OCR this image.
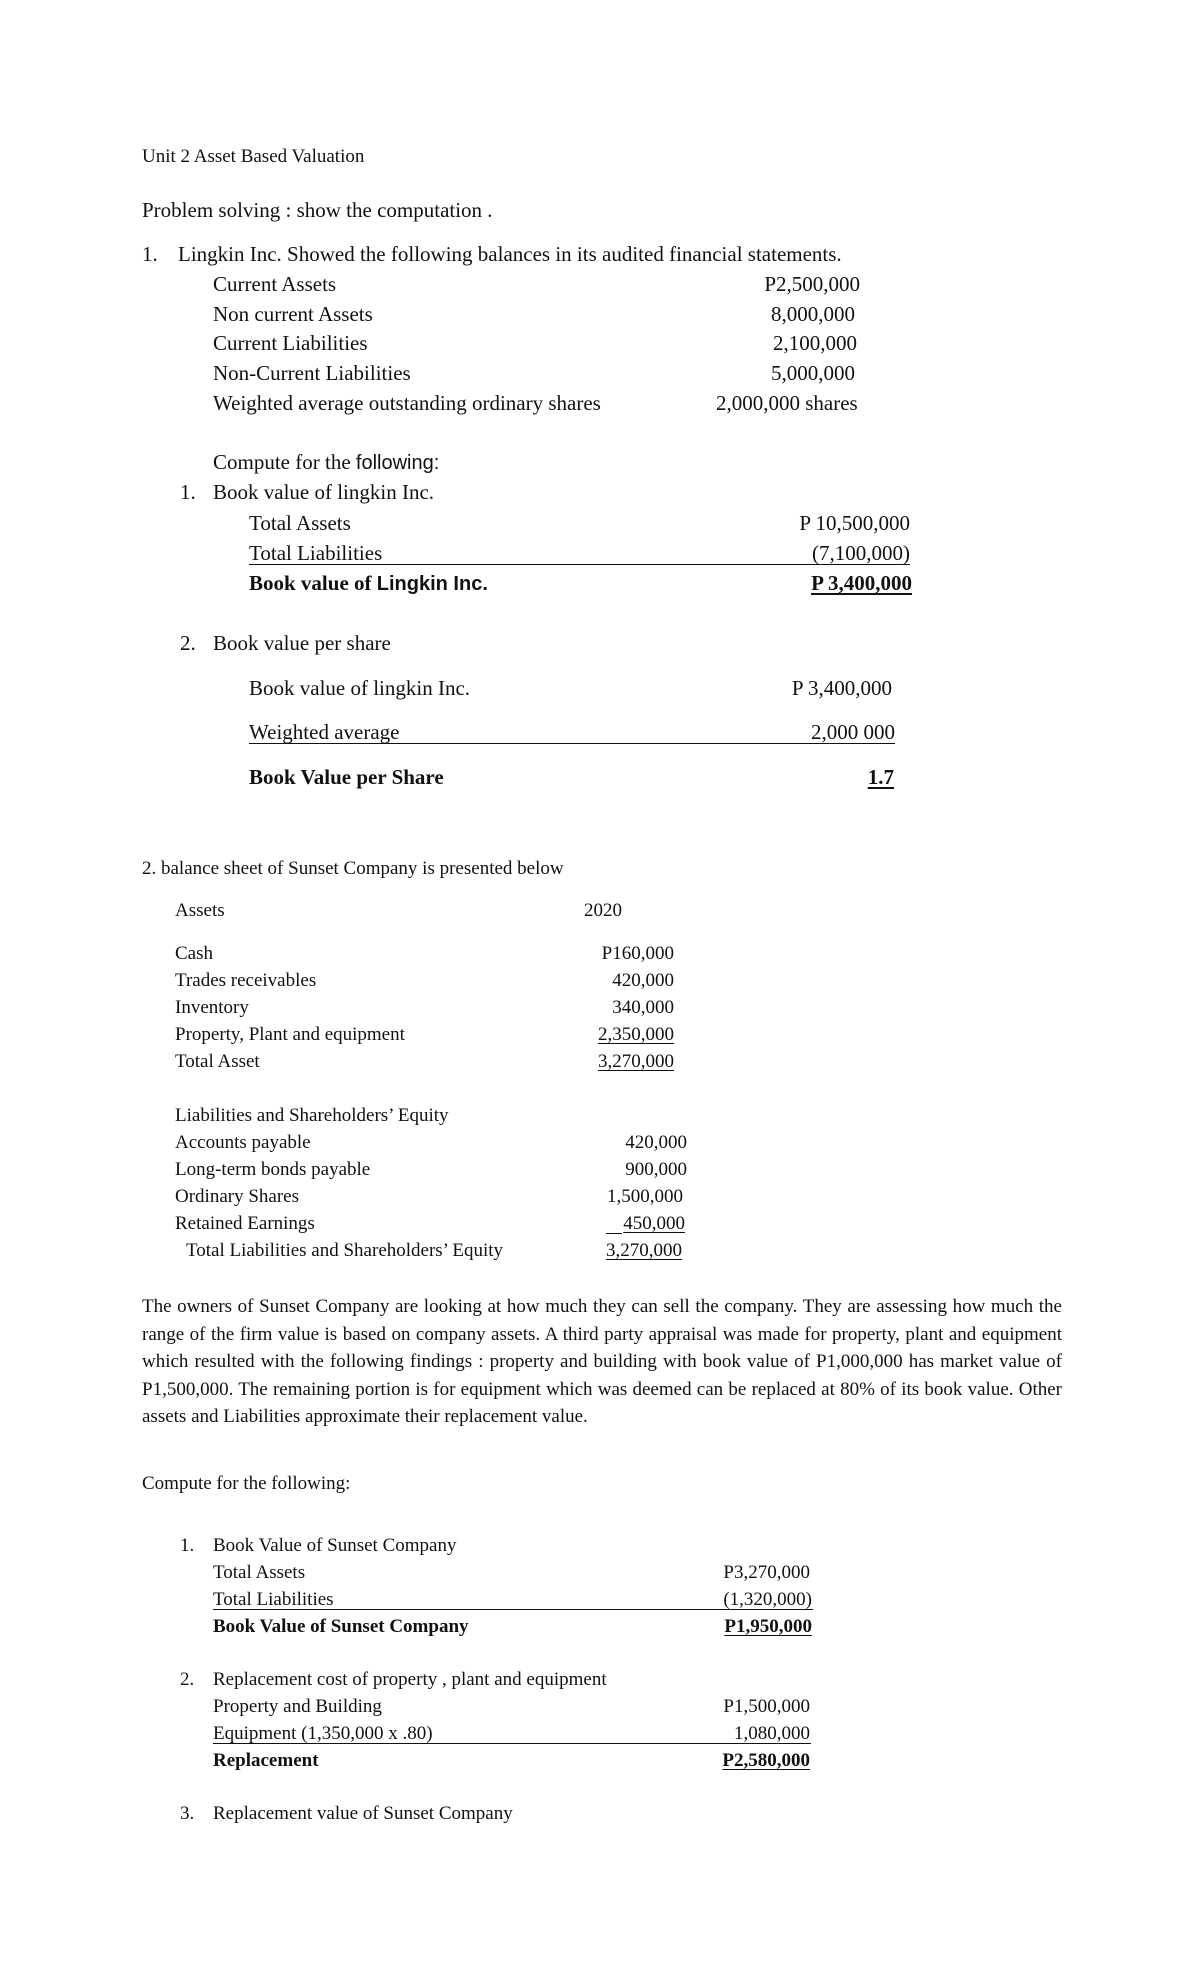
Unit 2 Asset Based Valuation
Problem solving : show the computation .
1. Lingkin Inc. Showed the following balances in its audited financial statements.
Current Assets	P2,500,000
Non current Assets	8,000,000
Current Liabilities	2,100,000
Non-Current Liabilities	5,000,000
Weighted average outstanding ordinary shares	2,000,000 shares
Compute for the following:
1. Book value of lingkin Inc.
Total Assets	P 10,500,000
Total Liabilities	(7,100,000)
Book value of Lingkin Inc.	P 3,400,000
2. Book value per share
Book value of lingkin Inc.	P 3,400,000
Weighted average	2,000 000
Book Value per Share	1.7
2. balance sheet of Sunset Company is presented below
Assets	2020
Cash	P160,000
Trades receivables	420,000
Inventory	340,000
Property, Plant and equipment	2,350,000
Total Asset	3,270,000
Liabilities and Shareholders’ Equity
Accounts payable	420,000
Long-term bonds payable	900,000
Ordinary Shares	1,500,000
Retained Earnings	450,000
Total Liabilities and Shareholders’ Equity	3,270,000
The owners of Sunset Company are looking at how much they can sell the company. They are assessing how much the range of the firm value is based on company assets. A third party appraisal was made for property, plant and equipment which resulted with the following findings : property and building with book value of P1,000,000 has market value of P1,500,000. The remaining portion is for equipment which was deemed can be replaced at 80% of its book value. Other assets and Liabilities approximate their replacement value.
Compute for the following:
1. Book Value of Sunset Company
Total Assets	P3,270,000
Total Liabilities	(1,320,000)
Book Value of Sunset Company	P1,950,000
2. Replacement cost of property , plant and equipment
Property and Building	P1,500,000
Equipment (1,350,000 x .80)	1,080,000
Replacement	P2,580,000
3. Replacement value of Sunset Company
